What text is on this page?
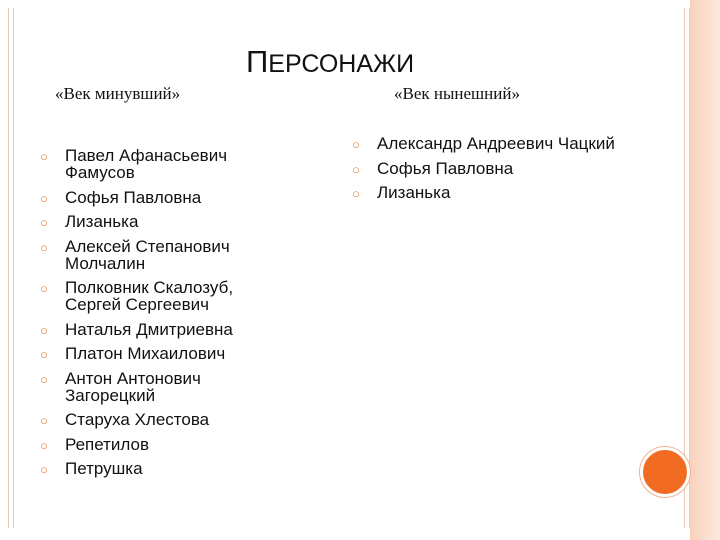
ПЕРСОНАЖИ
«Век минувший»	«Век нынешний»
○ Павел Афанасьевич Фамусов
○ Софья Павловна
○ Лизанька
○ Алексей Степанович Молчалин
○ Полковник Скалозуб, Сергей Сергеевич
○ Наталья Дмитриевна
○ Платон Михаилович
○ Антон Антонович Загорецкий
○ Старуха Хлестова
○ Репетилов
○ Петрушка
○ Александр Андреевич Чацкий
○ Софья Павловна
○ Лизанька
